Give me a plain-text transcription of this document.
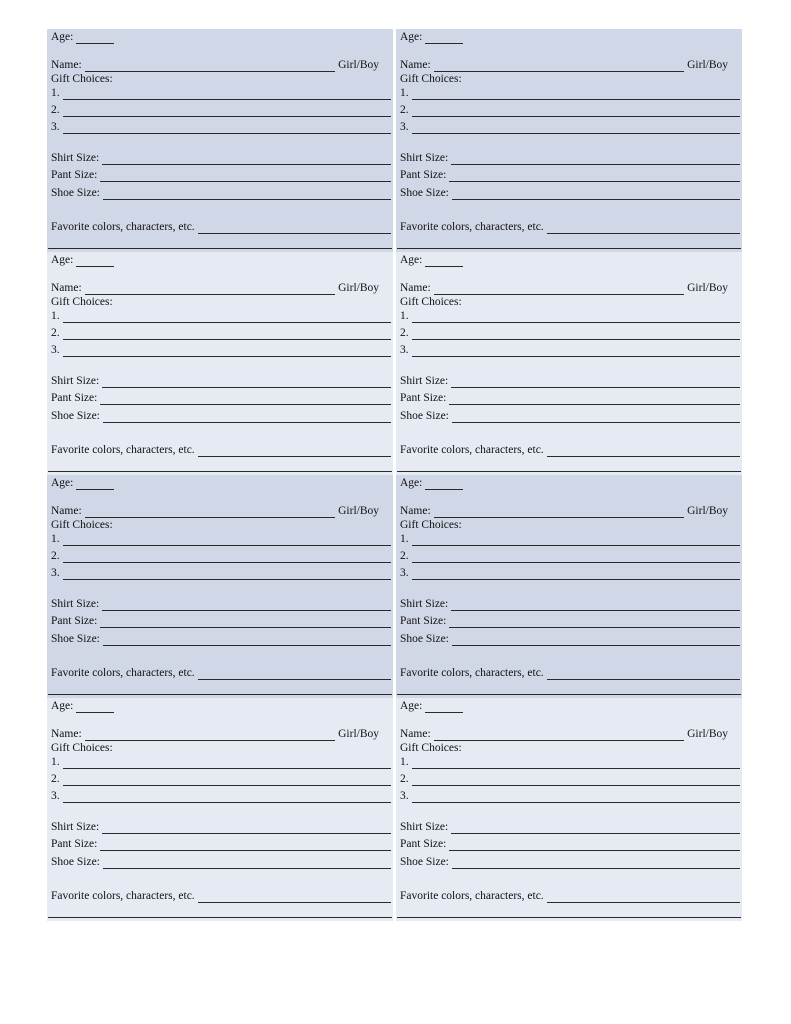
Age:
Name:	Girl/Boy
Gift Choices:
1.
2.
3.
Shirt Size:
Pant Size:
Shoe Size:
Favorite colors, characters, etc.
Age:
Name:	Girl/Boy
Gift Choices:
1.
2.
3.
Shirt Size:
Pant Size:
Shoe Size:
Favorite colors, characters, etc.
Age:
Name:	Girl/Boy
Gift Choices:
1.
2.
3.
Shirt Size:
Pant Size:
Shoe Size:
Favorite colors, characters, etc.
Age:
Name:	Girl/Boy
Gift Choices:
1.
2.
3.
Shirt Size:
Pant Size:
Shoe Size:
Favorite colors, characters, etc.
Age:
Name:	Girl/Boy
Gift Choices:
1.
2.
3.
Shirt Size:
Pant Size:
Shoe Size:
Favorite colors, characters, etc.
Age:
Name:	Girl/Boy
Gift Choices:
1.
2.
3.
Shirt Size:
Pant Size:
Shoe Size:
Favorite colors, characters, etc.
Age:
Name:	Girl/Boy
Gift Choices:
1.
2.
3.
Shirt Size:
Pant Size:
Shoe Size:
Favorite colors, characters, etc.
Age:
Name:	Girl/Boy
Gift Choices:
1.
2.
3.
Shirt Size:
Pant Size:
Shoe Size:
Favorite colors, characters, etc.
